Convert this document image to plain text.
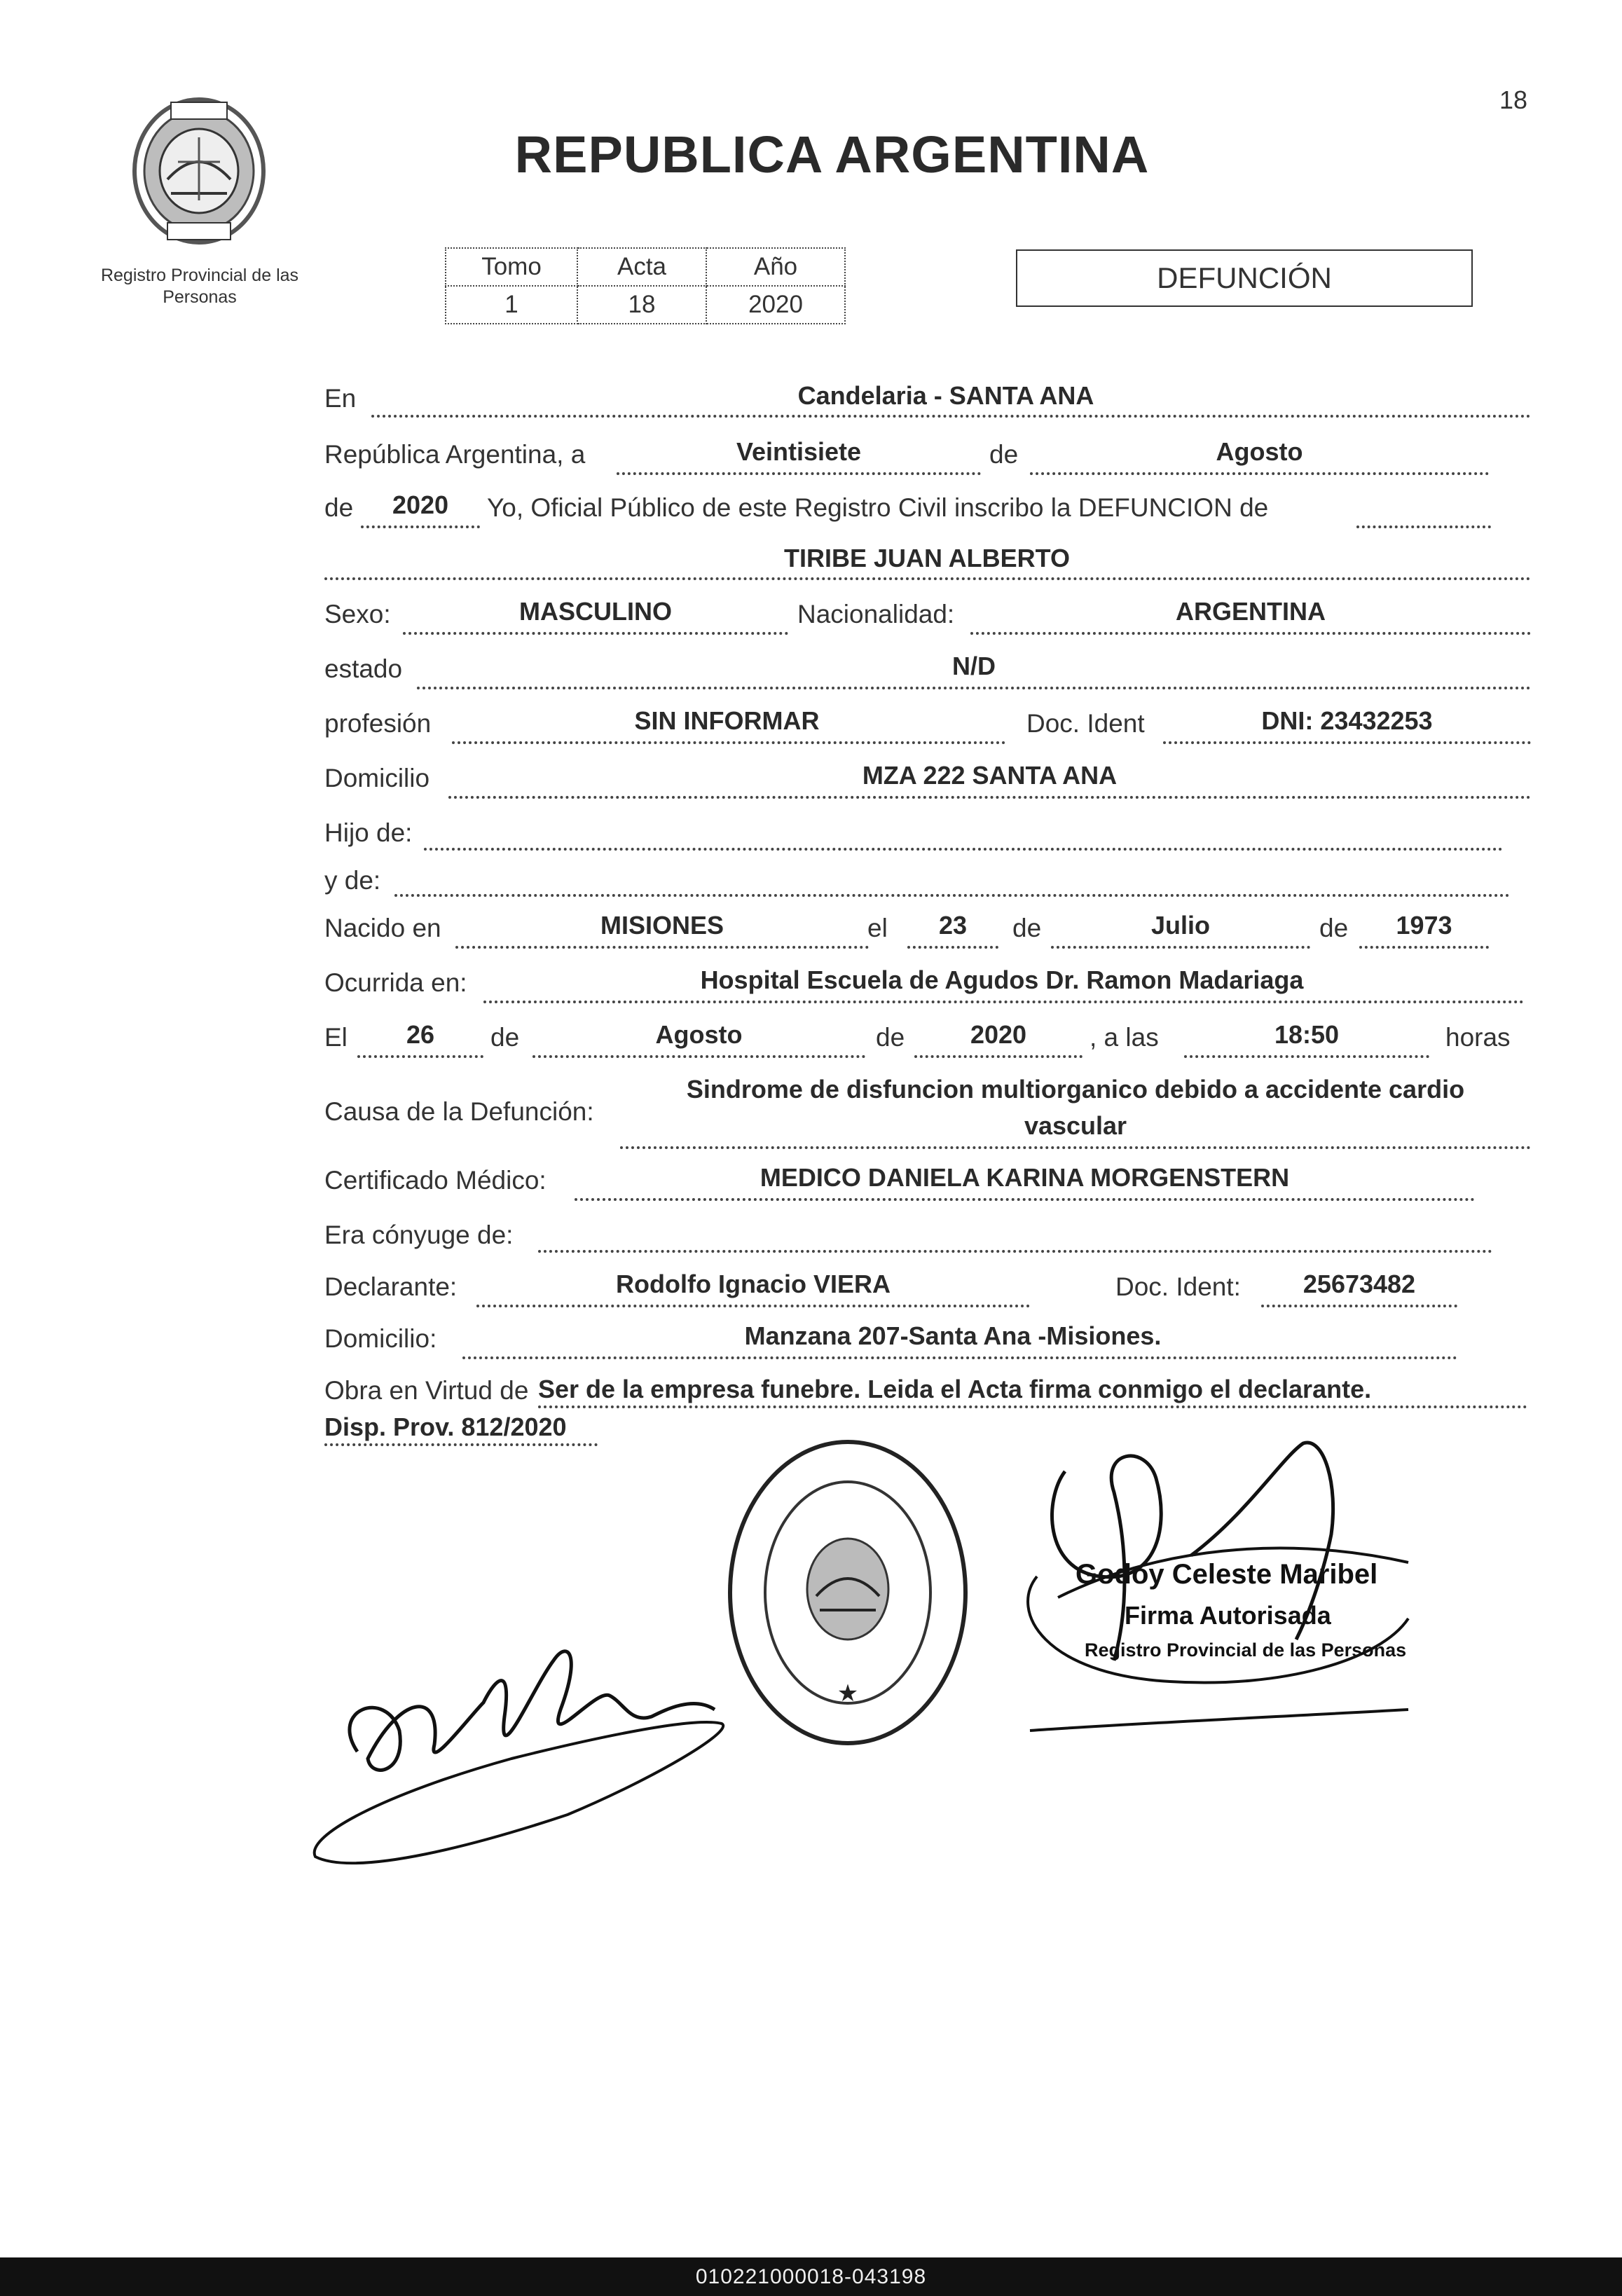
18
Registro Provincial de las Personas
REPUBLICA ARGENTINA
Tomo	Acta	Año
1	18	2020
DEFUNCIÓN
En	Candelaria - SANTA ANA
República Argentina, a	Veintisiete	de	Agosto
de	2020	Yo, Oficial Público de este Registro Civil inscribo la DEFUNCION de
TIRIBE JUAN ALBERTO
Sexo:	MASCULINO	Nacionalidad:	ARGENTINA
estado	N/D
profesión	SIN INFORMAR	Doc. Ident	DNI: 23432253
Domicilio	MZA 222 SANTA ANA
Hijo de:
y de:
Nacido en	MISIONES	el	23	de	Julio	de	1973
Ocurrida en:	Hospital Escuela de Agudos Dr. Ramon Madariaga
El	26	de	Agosto	de	2020	, a las	18:50	horas
Causa de la Defunción:
Sindrome de disfuncion multiorganico debido a accidente cardio
vascular
Certificado Médico:	MEDICO DANIELA KARINA MORGENSTERN
Era cónyuge de:
Declarante:	Rodolfo Ignacio VIERA	Doc. Ident:	25673482
Domicilio:	Manzana 207-Santa Ana -Misiones.
Obra en Virtud de Ser de la empresa funebre. Leida el Acta firma conmigo el declarante.
Disp. Prov. 812/2020
★
Godoy Celeste Maribel
Firma Autorisada
Registro Provincial de las Personas
010221000018-043198
